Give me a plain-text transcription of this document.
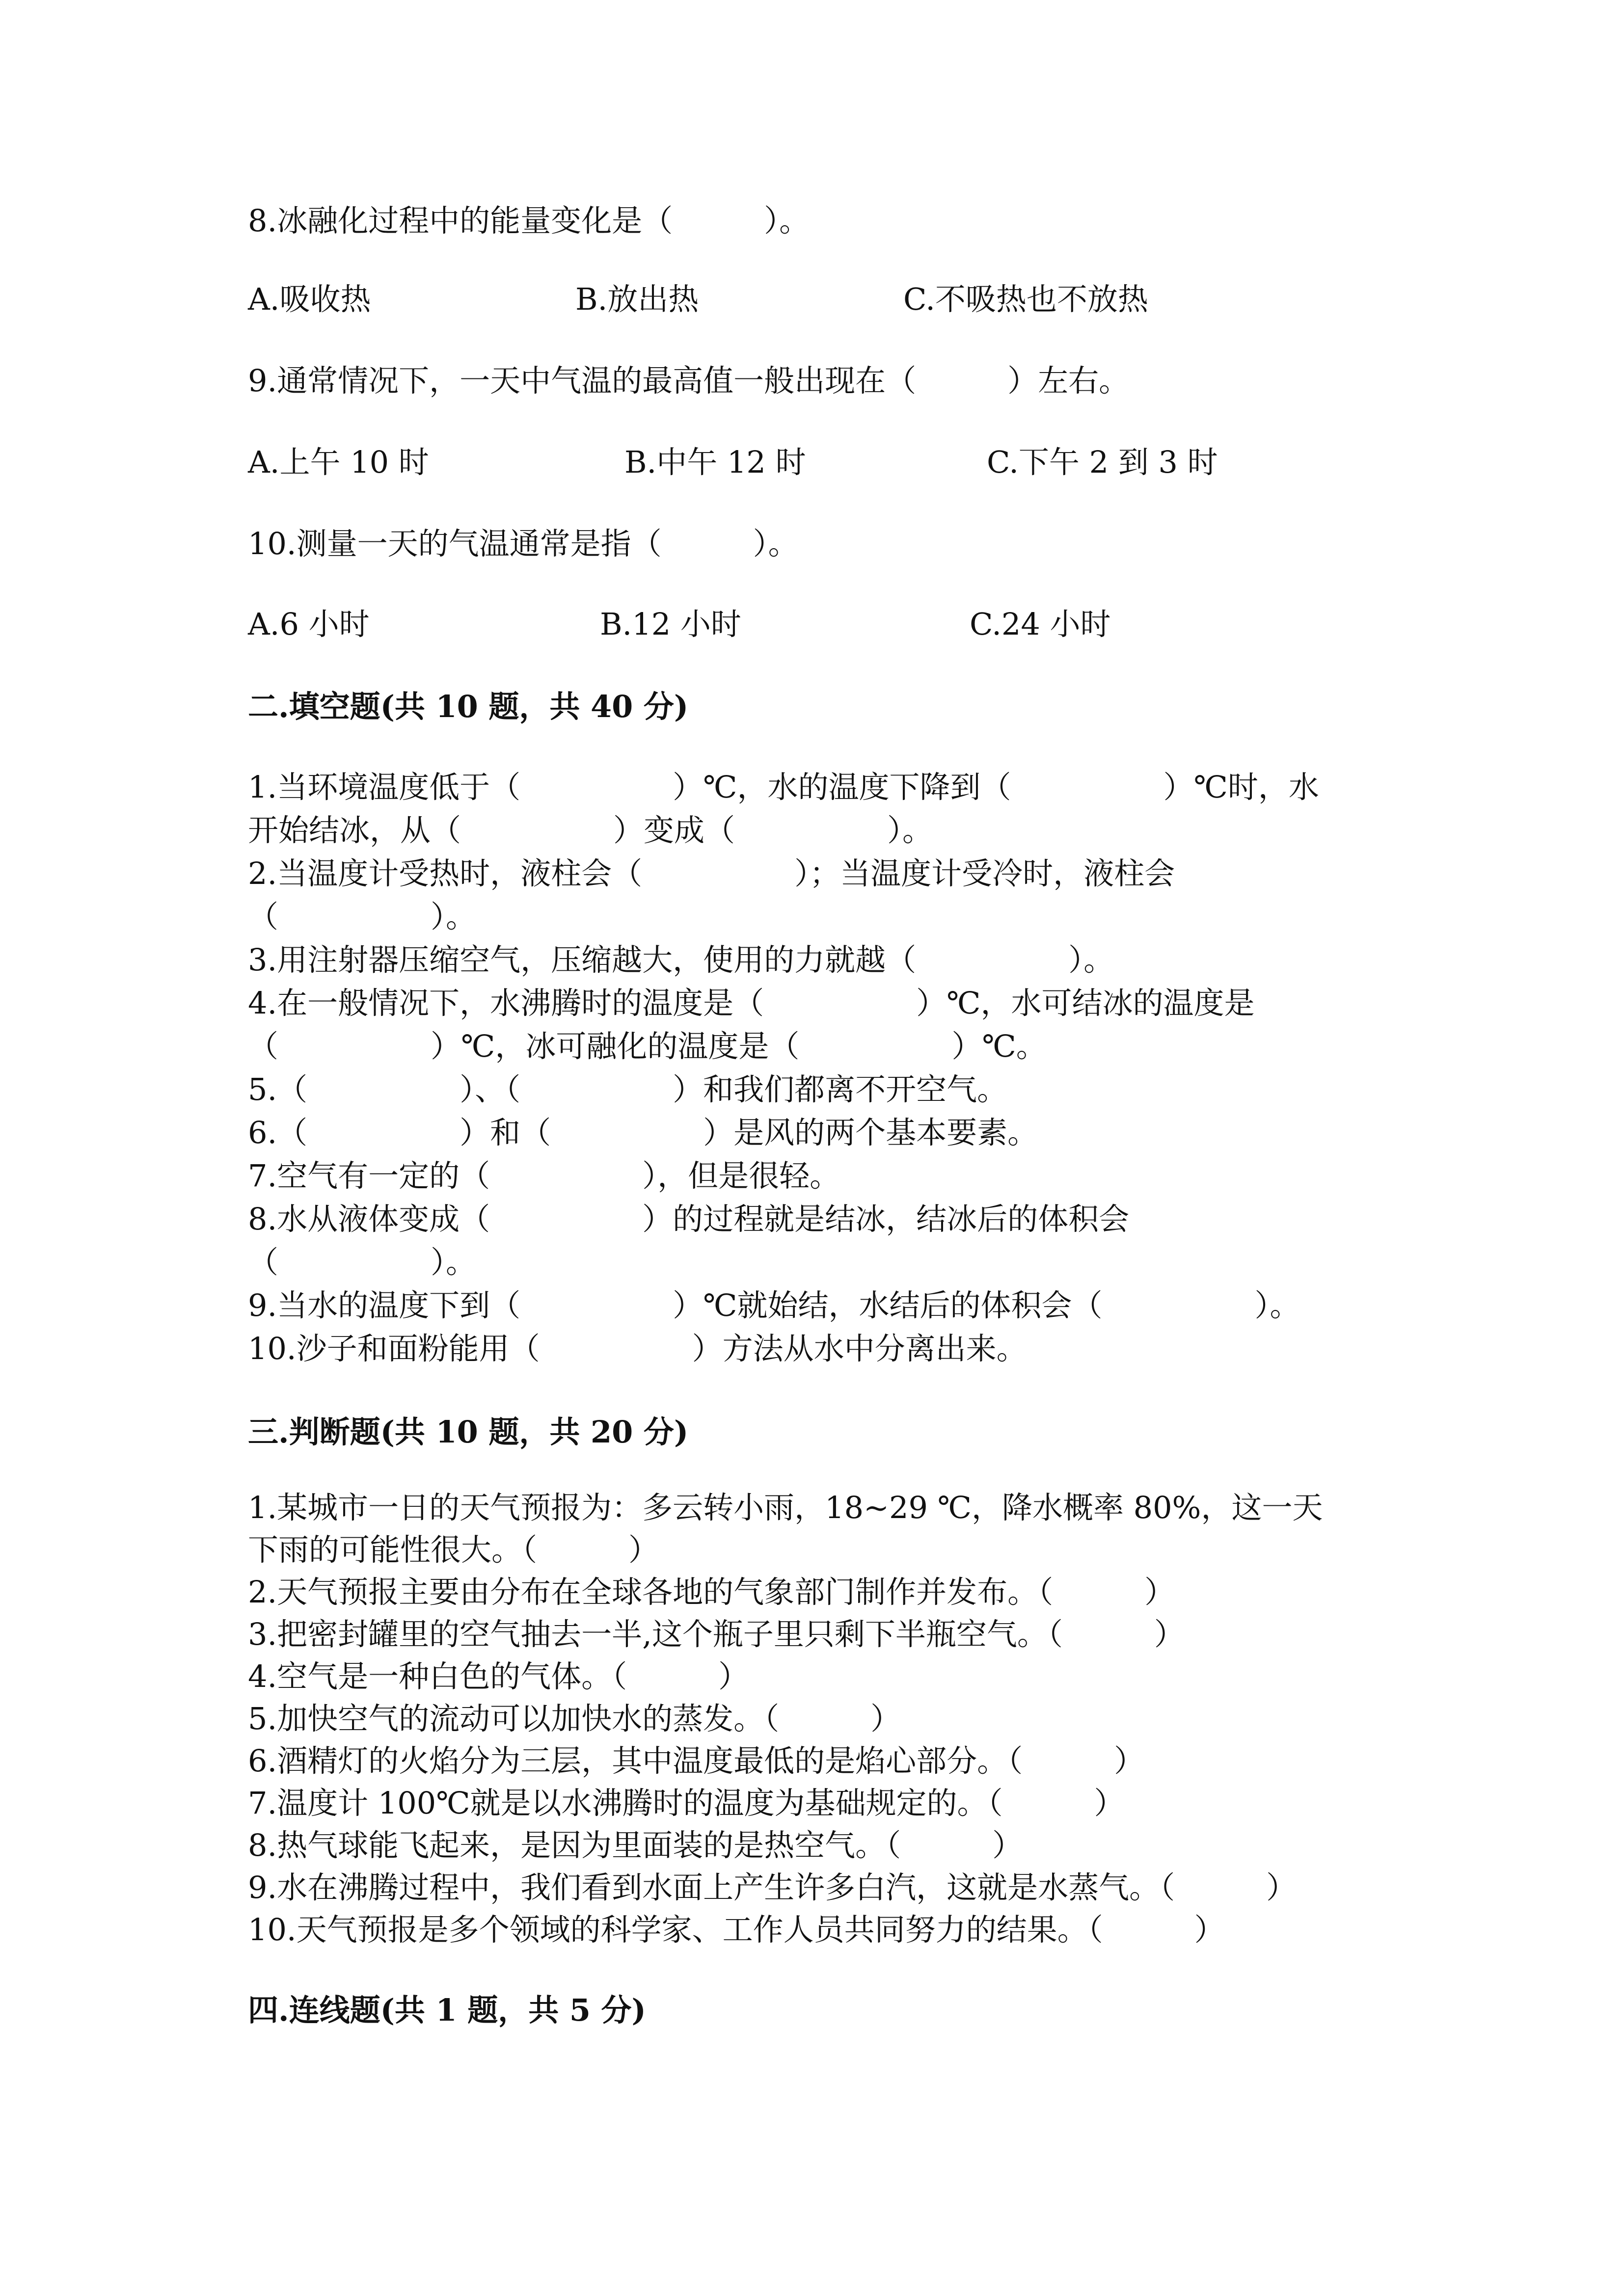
8.冰融化过程中的能量变化是（　　　）。
A.吸收热	B.放出热	C.不吸热也不放热
9.通常情况下，一天中气温的最高值一般出现在（　　　）左右。
A.上午 10 时	B.中午 12 时	C.下午 2 到 3 时
10.测量一天的气温通常是指（　　　）。
A.6 小时	B.12 小时	C.24 小时
二.填空题(共 10 题，共 40 分)
1.当环境温度低于（　　　　　）℃，水的温度下降到（　　　　　）℃时，水
开始结冰，从（　　　　　）变成（　　　　　）。
2.当温度计受热时，液柱会（　　　　　）；当温度计受冷时，液柱会
（　　　　　）。
3.用注射器压缩空气，压缩越大，使用的力就越（　　　　　）。
4.在一般情况下，水沸腾时的温度是（　　　　　）℃，水可结冰的温度是
（　　　　　）℃，冰可融化的温度是（　　　　　）℃。
5.（　　　　　）、（　　　　　）和我们都离不开空气。
6.（　　　　　）和（　　　　　）是风的两个基本要素。
7.空气有一定的（　　　　　），但是很轻。
8.水从液体变成（　　　　　）的过程就是结冰，结冰后的体积会
（　　　　　）。
9.当水的温度下到（　　　　　）℃就始结，水结后的体积会（　　　　　）。
10.沙子和面粉能用（　　　　　）方法从水中分离出来。
三.判断题(共 10 题，共 20 分)
1.某城市一日的天气预报为：多云转小雨，18~29 ℃，降水概率 80%，这一天
下雨的可能性很大。（　　　）
2.天气预报主要由分布在全球各地的气象部门制作并发布。（　　　）
3.把密封罐里的空气抽去一半,这个瓶子里只剩下半瓶空气。（　　　）
4.空气是一种白色的气体。（　　　）
5.加快空气的流动可以加快水的蒸发。（　　　）
6.酒精灯的火焰分为三层，其中温度最低的是焰心部分。（　　　）
7.温度计 100℃就是以水沸腾时的温度为基础规定的。（　　　）
8.热气球能飞起来，是因为里面装的是热空气。（　　　）
9.水在沸腾过程中，我们看到水面上产生许多白汽，这就是水蒸气。（　　　）
10.天气预报是多个领域的科学家、工作人员共同努力的结果。（　　　）
四.连线题(共 1 题，共 5 分)
